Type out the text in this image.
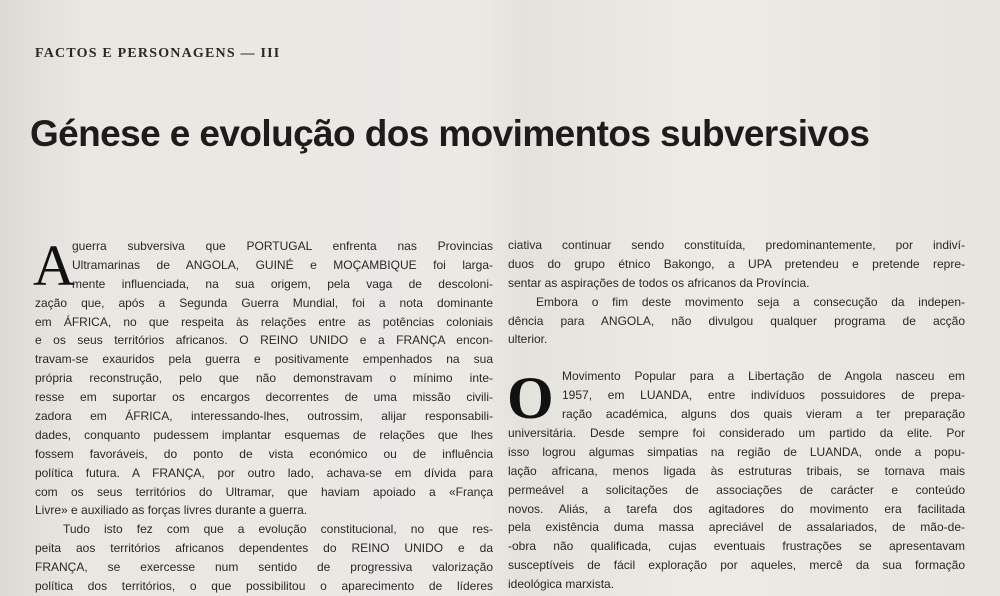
FACTOS E PERSONAGENS — III
Génese e evolução dos movimentos subversivos
A
guerra subversiva que PORTUGAL enfrenta nas Provincias
Ultramarinas de ANGOLA, GUINÉ e MOÇAMBIQUE foi larga-
mente influenciada, na sua origem, pela vaga de descoloni-
zação que, após a Segunda Guerra Mundial, foi a nota dominante
em ÁFRICA, no que respeita às relações entre as potências coloniais
e os seus territórios africanos. O REINO UNIDO e a FRANÇA encon-
travam-se exauridos pela guerra e positivamente empenhados na sua
própria reconstrução, pelo que não demonstravam o mínimo inte-
resse em suportar os encargos decorrentes de uma missão civili-
zadora em ÁFRICA, interessando-lhes, outrossim, alijar responsabili-
dades, conquanto pudessem implantar esquemas de relações que lhes
fossem favoráveis, do ponto de vista económico ou de influência
política futura. A FRANÇA, por outro lado, achava-se em dívida para
com os seus territórios do Ultramar, que haviam apoiado a «França
Livre» e auxiliado as forças livres durante a guerra.
Tudo isto fez com que a evolução constitucional, no que res-
peita aos territórios africanos dependentes do REINO UNIDO e da
FRANÇA, se exercesse num sentido de progressiva valorização
política dos territórios, o que possibilitou o aparecimento de líderes
ciativa continuar sendo constituída, predominantemente, por indiví-
duos do grupo étnico Bakongo, a UPA pretendeu e pretende repre-
sentar as aspirações de todos os africanos da Província.
Embora o fim deste movimento seja a consecução da indepen-
dência para ANGOLA, não divulgou qualquer programa de acção
ulterior.
O Movimento Popular para a Libertação de Angola nasceu em
1957, em LUANDA, entre indivíduos possuidores de prepa-
ração académica, alguns dos quais vieram a ter preparação
universitária. Desde sempre foi considerado um partido da elite. Por
isso logrou algumas simpatias na região de LUANDA, onde a popu-
lação africana, menos ligada às estruturas tribais, se tornava mais
permeável a solicitações de associações de carácter e conteúdo
novos. Aliás, a tarefa dos agitadores do movimento era facilitada
pela existência duma massa apreciável de assalariados, de mão-de-
-obra não qualificada, cujas eventuais frustrações se apresentavam
susceptíveis de fácil exploração por aqueles, mercê da sua formação
ideológica marxista.
